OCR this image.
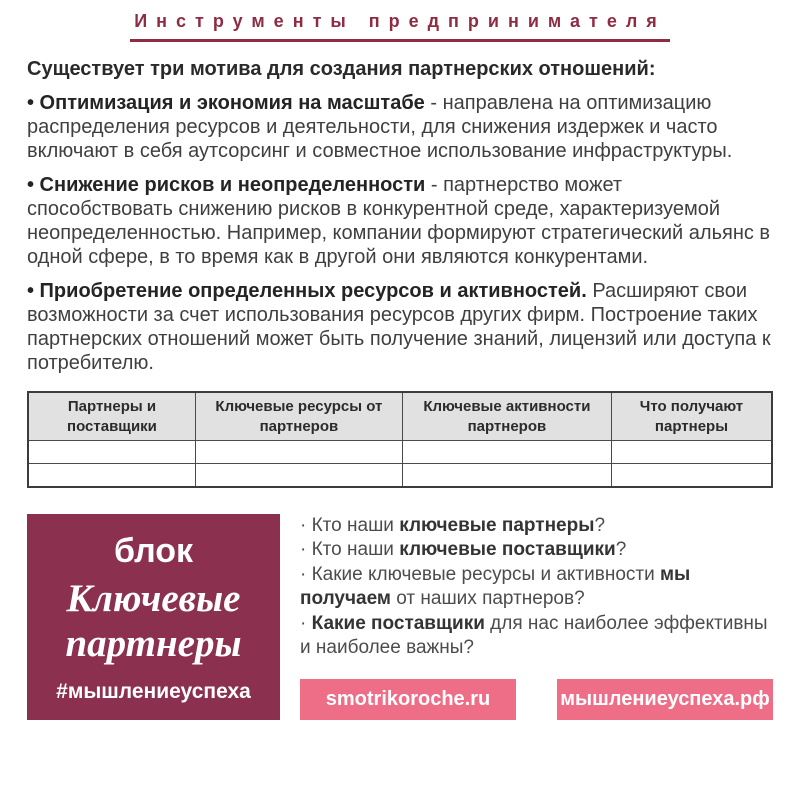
Инструменты предпринимателя

Существует три мотива для создания партнерских отношений:

• Оптимизация и экономия на масштабе - направлена на оптимизацию распределения ресурсов и деятельности, для снижения издержек и часто включают в себя аутсорсинг и совместное использование инфраструктуры.

• Снижение рисков и неопределенности - партнерство может способствовать снижению рисков в конкурентной среде, характеризуемой неопределенностью. Например, компании формируют стратегический альянс в одной сфере, в то время как в другой они являются конкурентами.

• Приобретение определенных ресурсов и активностей. Расширяют свои возможности за счет использования ресурсов других фирм. Построение таких партнерских отношений может быть получение знаний, лицензий или доступа к потребителю.

Партнеры и поставщики	Ключевые ресурсы от партнеров	Ключевые активности партнеров	Что получают партнеры

блок
Ключевые
партнеры
#мышлениеуспеха

· Кто наши ключевые партнеры?

· Кто наши ключевые поставщики?

· Какие ключевые ресурсы и активности мы получаем от наших партнеров?

· Какие поставщики для нас наиболее эффективны и наиболее важны?

smotrikoroche.ru	мышлениеуспеха.рф
